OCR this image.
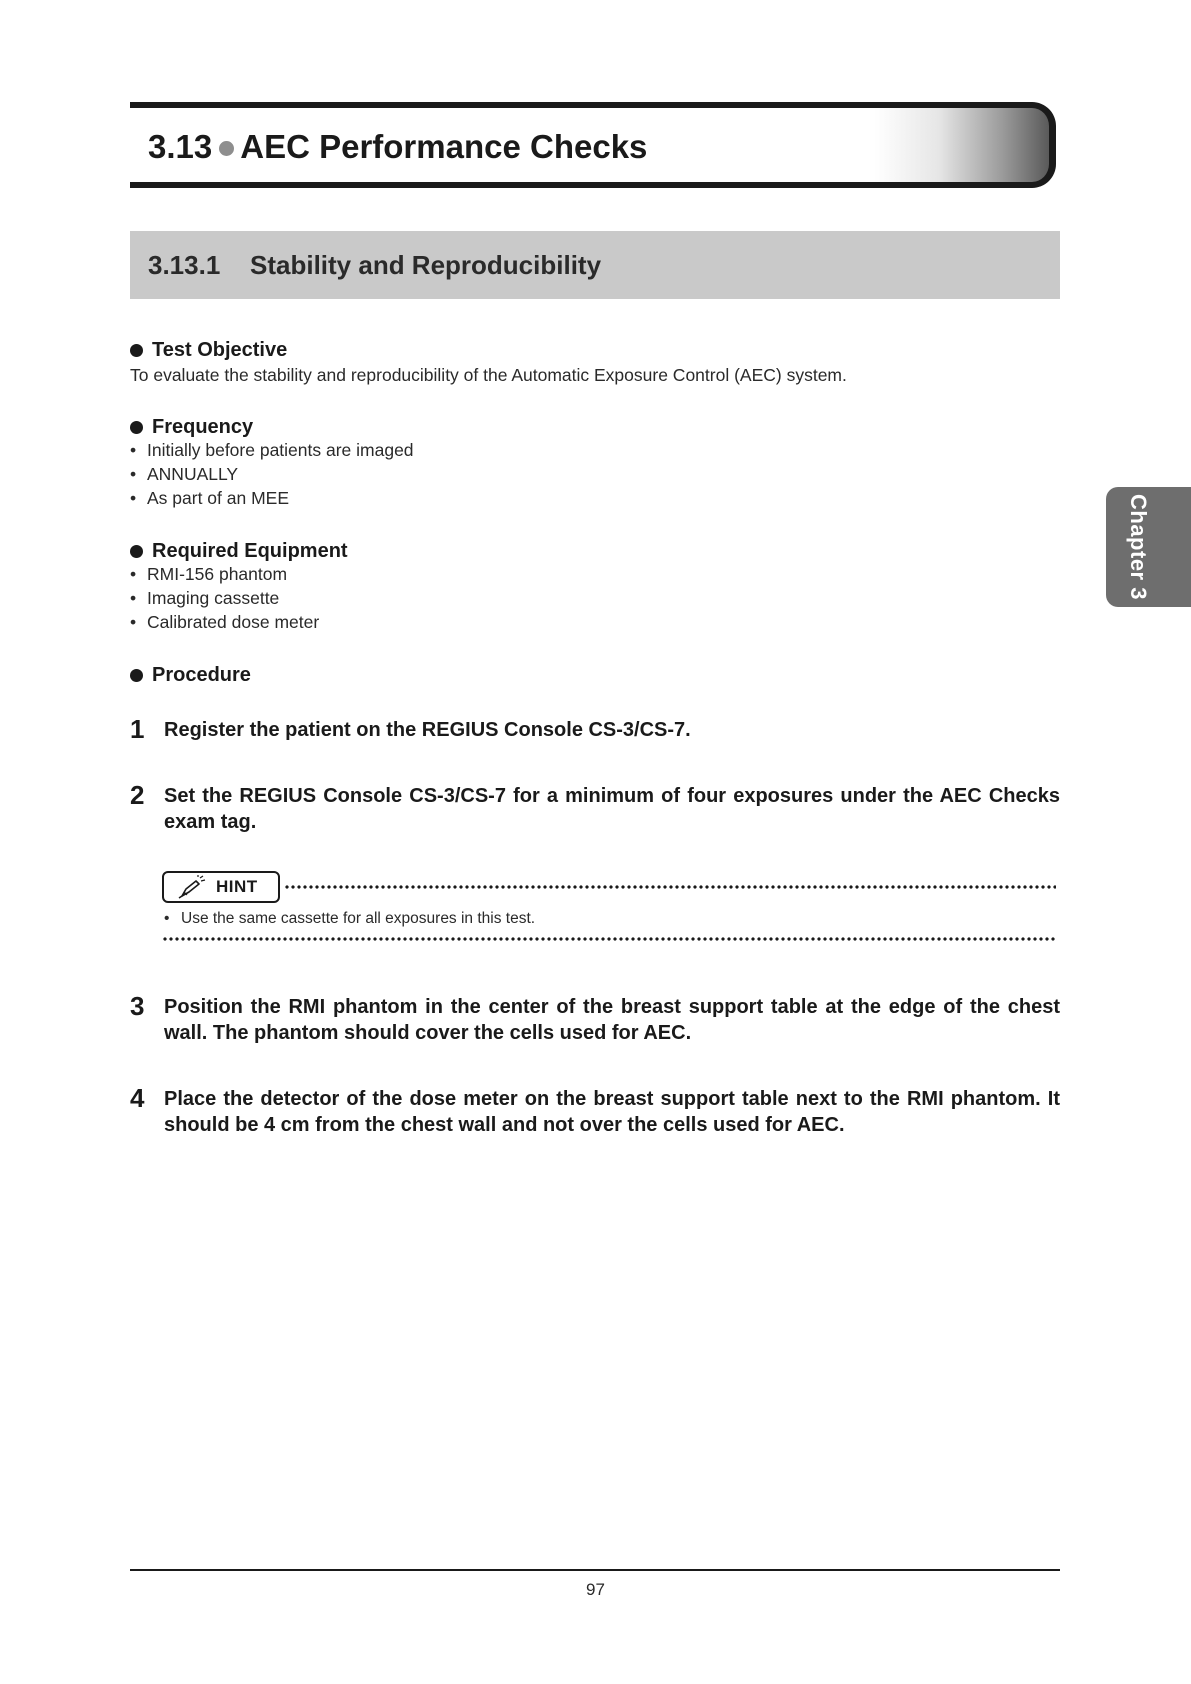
3.13 AEC Performance Checks
3.13.1	Stability and Reproducibility
Chapter 3
Test Objective
To evaluate the stability and reproducibility of the Automatic Exposure Control (AEC) system.
Frequency
• Initially before patients are imaged
• ANNUALLY
• As part of an MEE
Required Equipment
• RMI-156 phantom
• Imaging cassette
• Calibrated dose meter
Procedure
1 Register the patient on the REGIUS Console CS-3/CS-7.
2 Set the REGIUS Console CS-3/CS-7 for a minimum of four exposures under the AEC Checks exam tag.
HINT
• Use the same cassette for all exposures in this test.
3 Position the RMI phantom in the center of the breast support table at the edge of the chest wall. The phantom should cover the cells used for AEC.
4 Place the detector of the dose meter on the breast support table next to the RMI phantom. It should be 4 cm from the chest wall and not over the cells used for AEC.
97
